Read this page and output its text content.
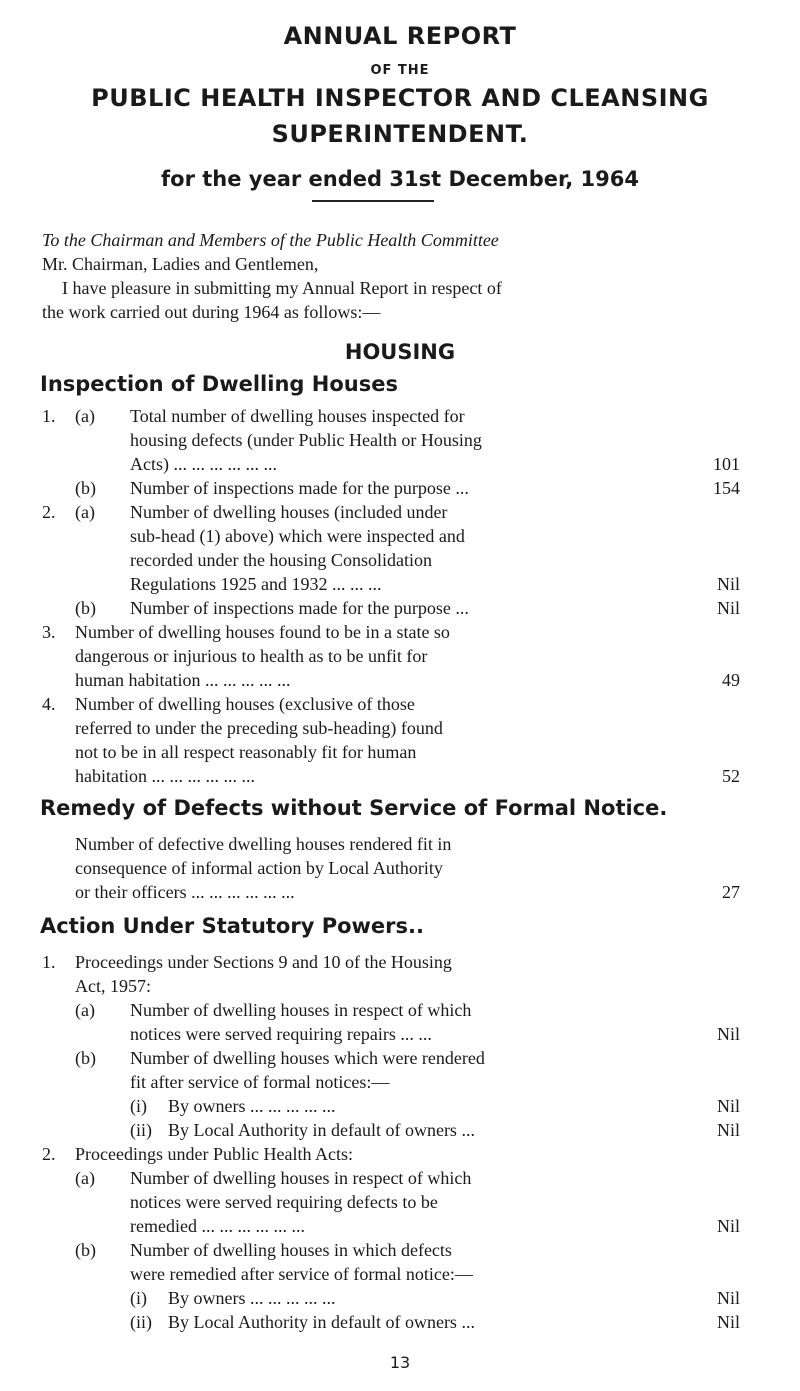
ANNUAL REPORT
OF THE
PUBLIC HEALTH INSPECTOR AND CLEANSING
SUPERINTENDENT.
for the year ended 31st December, 1964
To the Chairman and Members of the Public Health Committee
Mr. Chairman, Ladies and Gentlemen,
I have pleasure in submitting my Annual Report in respect of
the work carried out during 1964 as follows:—
HOUSING
Inspection of Dwelling Houses
1. (a) Total number of dwelling houses inspected for
housing defects (under Public Health or Housing
Acts) ... ... ... ... ... ...	101
(b) Number of inspections made for the purpose ...	154
2. (a) Number of dwelling houses (included under
sub-head (1) above) which were inspected and
recorded under the housing Consolidation
Regulations 1925 and 1932 ... ... ...	Nil
(b) Number of inspections made for the purpose ...	Nil
3. Number of dwelling houses found to be in a state so
dangerous or injurious to health as to be unfit for
human habitation ... ... ... ... ...	49
4. Number of dwelling houses (exclusive of those
referred to under the preceding sub-heading) found
not to be in all respect reasonably fit for human
habitation ... ... ... ... ... ...	52
Remedy of Defects without Service of Formal Notice.
Number of defective dwelling houses rendered fit in
consequence of informal action by Local Authority
or their officers ... ... ... ... ... ...	27
Action Under Statutory Powers..
1. Proceedings under Sections 9 and 10 of the Housing
Act, 1957:
(a) Number of dwelling houses in respect of which
notices were served requiring repairs ... ...	Nil
(b) Number of dwelling houses which were rendered
fit after service of formal notices:—
(i) By owners ... ... ... ... ...	Nil
(ii) By Local Authority in default of owners ...	Nil
2. Proceedings under Public Health Acts:
(a) Number of dwelling houses in respect of which
notices were served requiring defects to be
remedied ... ... ... ... ... ...	Nil
(b) Number of dwelling houses in which defects
were remedied after service of formal notice:—
(i) By owners ... ... ... ... ...	Nil
(ii) By Local Authority in default of owners ...	Nil
13
